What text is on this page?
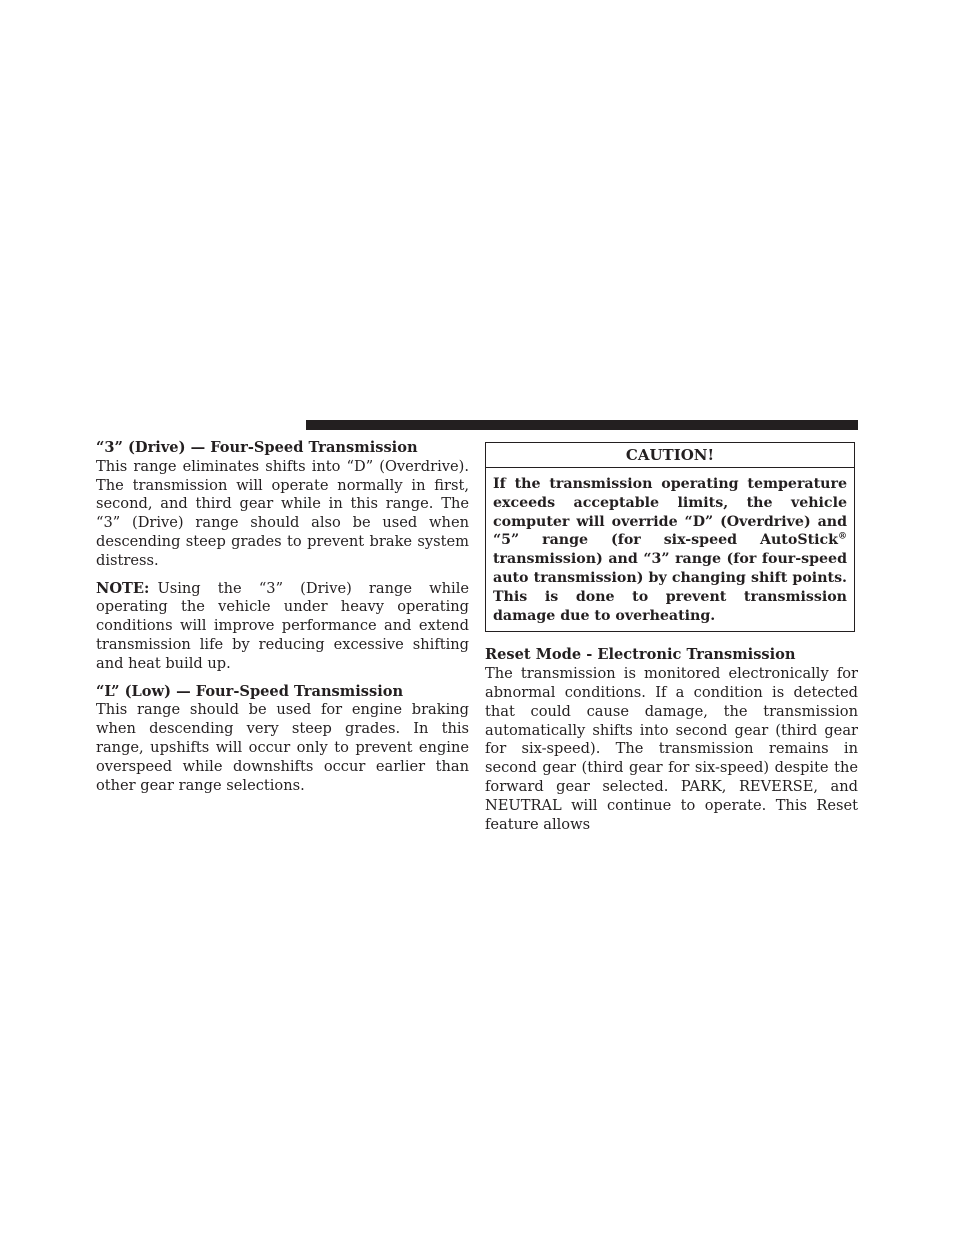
“3” (Drive) — Four-Speed Transmission

This range eliminates shifts into “D” (Overdrive). The transmission will operate normally in first, second, and third gear while in this range. The “3” (Drive) range should also be used when descending steep grades to prevent brake system distress.

NOTE: Using the “3” (Drive) range while operating the vehicle under heavy operating conditions will improve performance and extend transmission life by reducing excessive shifting and heat build up.

“L” (Low) — Four-Speed Transmission

This range should be used for engine braking when descending very steep grades. In this range, upshifts will occur only to prevent engine overspeed while downshifts occur earlier than other gear range selections.

CAUTION!
If the transmission operating temperature exceeds acceptable limits, the vehicle computer will override “D” (Overdrive) and “5” range (for six-speed AutoStick® transmission) and “3” range (for four-speed auto transmission) by changing shift points. This is done to prevent transmission damage due to overheating.

Reset Mode - Electronic Transmission

The transmission is monitored electronically for abnormal conditions. If a condition is detected that could cause damage, the transmission automatically shifts into second gear (third gear for six-speed). The transmission remains in second gear (third gear for six-speed) despite the forward gear selected. PARK, REVERSE, and NEUTRAL will continue to operate. This Reset feature allows
